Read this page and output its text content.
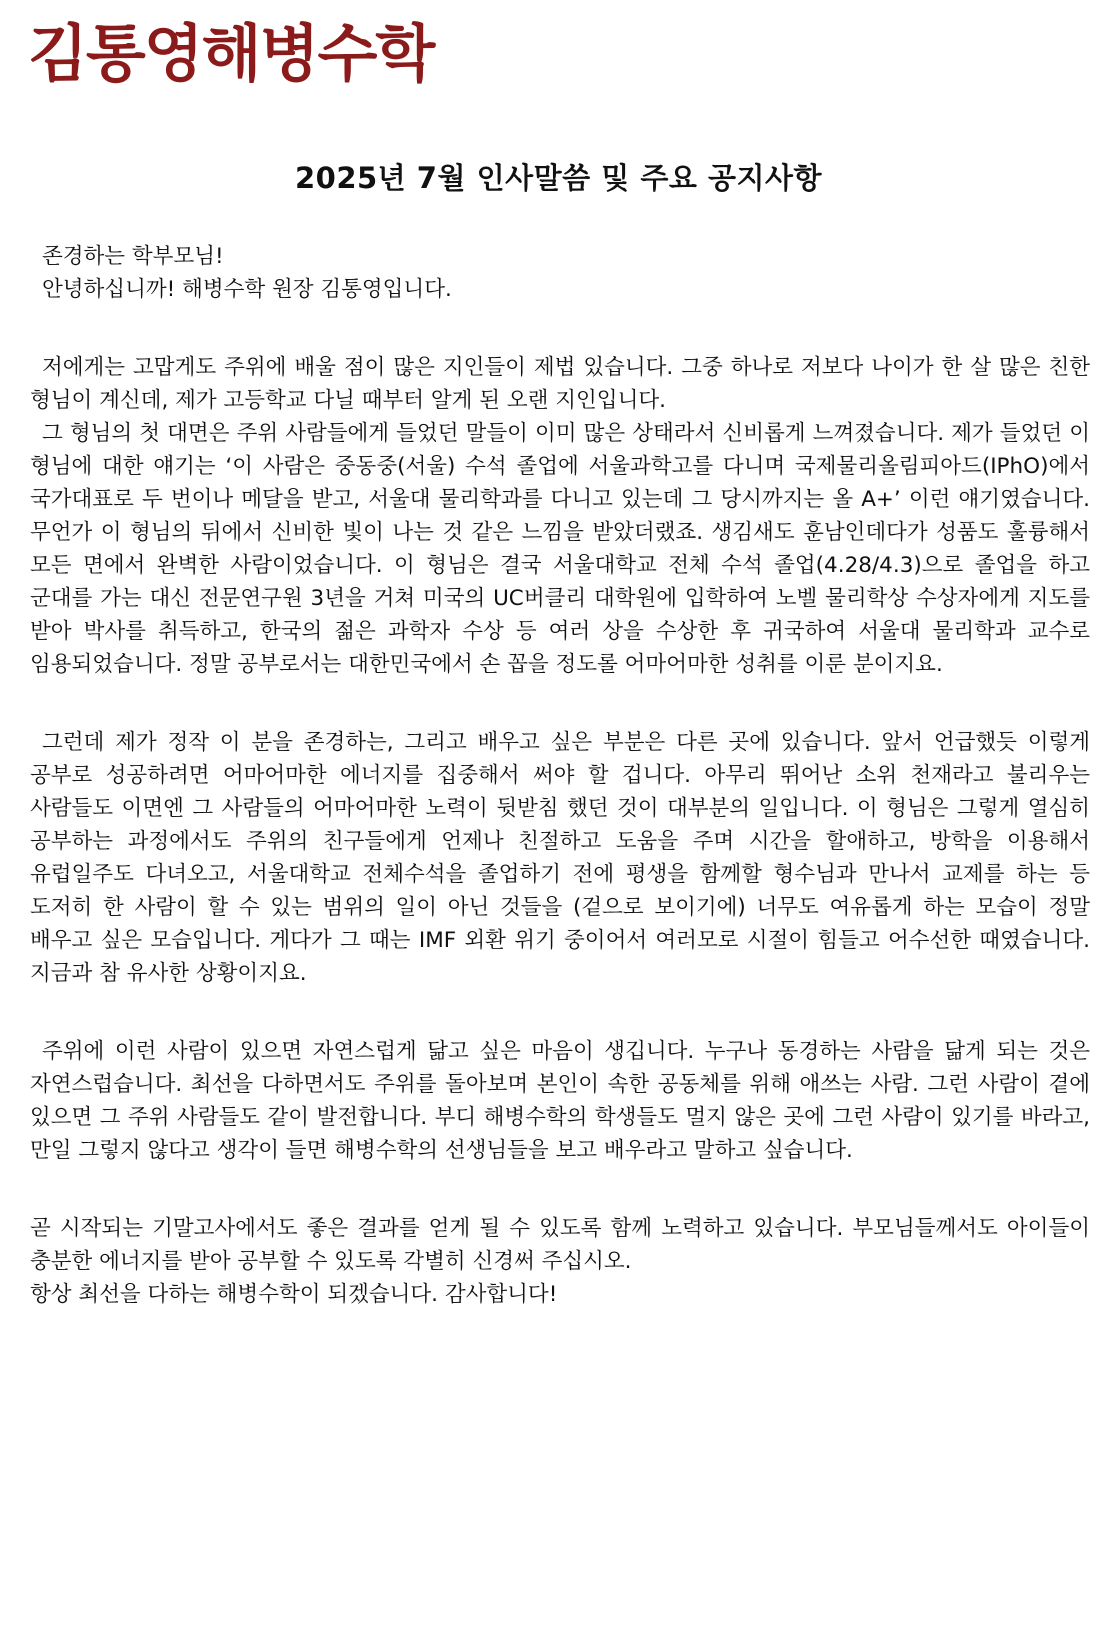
김통영해병수학
2025년 7월 인사말씀 및 주요 공지사항

존경하는 학부모님!

안녕하십니까! 해병수학 원장 김통영입니다.

저에게는 고맙게도 주위에 배울 점이 많은 지인들이 제법 있습니다. 그중 하나로 저보다 나이가 한 살 많은 친한 형님이 계신데, 제가 고등학교 다닐 때부터 알게 된 오랜 지인입니다.

그 형님의 첫 대면은 주위 사람들에게 들었던 말들이 이미 많은 상태라서 신비롭게 느껴졌습니다. 제가 들었던 이 형님에 대한 얘기는 ‘이 사람은 중동중(서울) 수석 졸업에 서울과학고를 다니며 국제물리올림피아드(IPhO)에서 국가대표로 두 번이나 메달을 받고, 서울대 물리학과를 다니고 있는데 그 당시까지는 올 A+’ 이런 얘기였습니다. 무언가 이 형님의 뒤에서 신비한 빛이 나는 것 같은 느낌을 받았더랬죠. 생김새도 훈남인데다가 성품도 훌륭해서 모든 면에서 완벽한 사람이었습니다. 이 형님은 결국 서울대학교 전체 수석 졸업(4.28/4.3)으로 졸업을 하고 군대를 가는 대신 전문연구원 3년을 거쳐 미국의 UC버클리 대학원에 입학하여 노벨 물리학상 수상자에게 지도를 받아 박사를 취득하고, 한국의 젊은 과학자 수상 등 여러 상을 수상한 후 귀국하여 서울대 물리학과 교수로 임용되었습니다. 정말 공부로서는 대한민국에서 손 꼽을 정도롤 어마어마한 성취를 이룬 분이지요.

그런데 제가 정작 이 분을 존경하는, 그리고 배우고 싶은 부분은 다른 곳에 있습니다. 앞서 언급했듯 이렇게 공부로 성공하려면 어마어마한 에너지를 집중해서 써야 할 겁니다. 아무리 뛰어난 소위 천재라고 불리우는 사람들도 이면엔 그 사람들의 어마어마한 노력이 뒷받침 했던 것이 대부분의 일입니다. 이 형님은 그렇게 열심히 공부하는 과정에서도 주위의 친구들에게 언제나 친절하고 도움을 주며 시간을 할애하고, 방학을 이용해서 유럽일주도 다녀오고, 서울대학교 전체수석을 졸업하기 전에 평생을 함께할 형수님과 만나서 교제를 하는 등 도저히 한 사람이 할 수 있는 범위의 일이 아닌 것들을 (겉으로 보이기에) 너무도 여유롭게 하는 모습이 정말 배우고 싶은 모습입니다. 게다가 그 때는 IMF 외환 위기 중이어서 여러모로 시절이 힘들고 어수선한 때였습니다. 지금과 참 유사한 상황이지요.

주위에 이런 사람이 있으면 자연스럽게 닮고 싶은 마음이 생깁니다. 누구나 동경하는 사람을 닮게 되는 것은 자연스럽습니다. 최선을 다하면서도 주위를 돌아보며 본인이 속한 공동체를 위해 애쓰는 사람. 그런 사람이 곁에 있으면 그 주위 사람들도 같이 발전합니다. 부디 해병수학의 학생들도 멀지 않은 곳에 그런 사람이 있기를 바라고, 만일 그렇지 않다고 생각이 들면 해병수학의 선생님들을 보고 배우라고 말하고 싶습니다.

곧 시작되는 기말고사에서도 좋은 결과를 얻게 될 수 있도록 함께 노력하고 있습니다. 부모님들께서도 아이들이 충분한 에너지를 받아 공부할 수 있도록 각별히 신경써 주십시오.

항상 최선을 다하는 해병수학이 되겠습니다. 감사합니다!
